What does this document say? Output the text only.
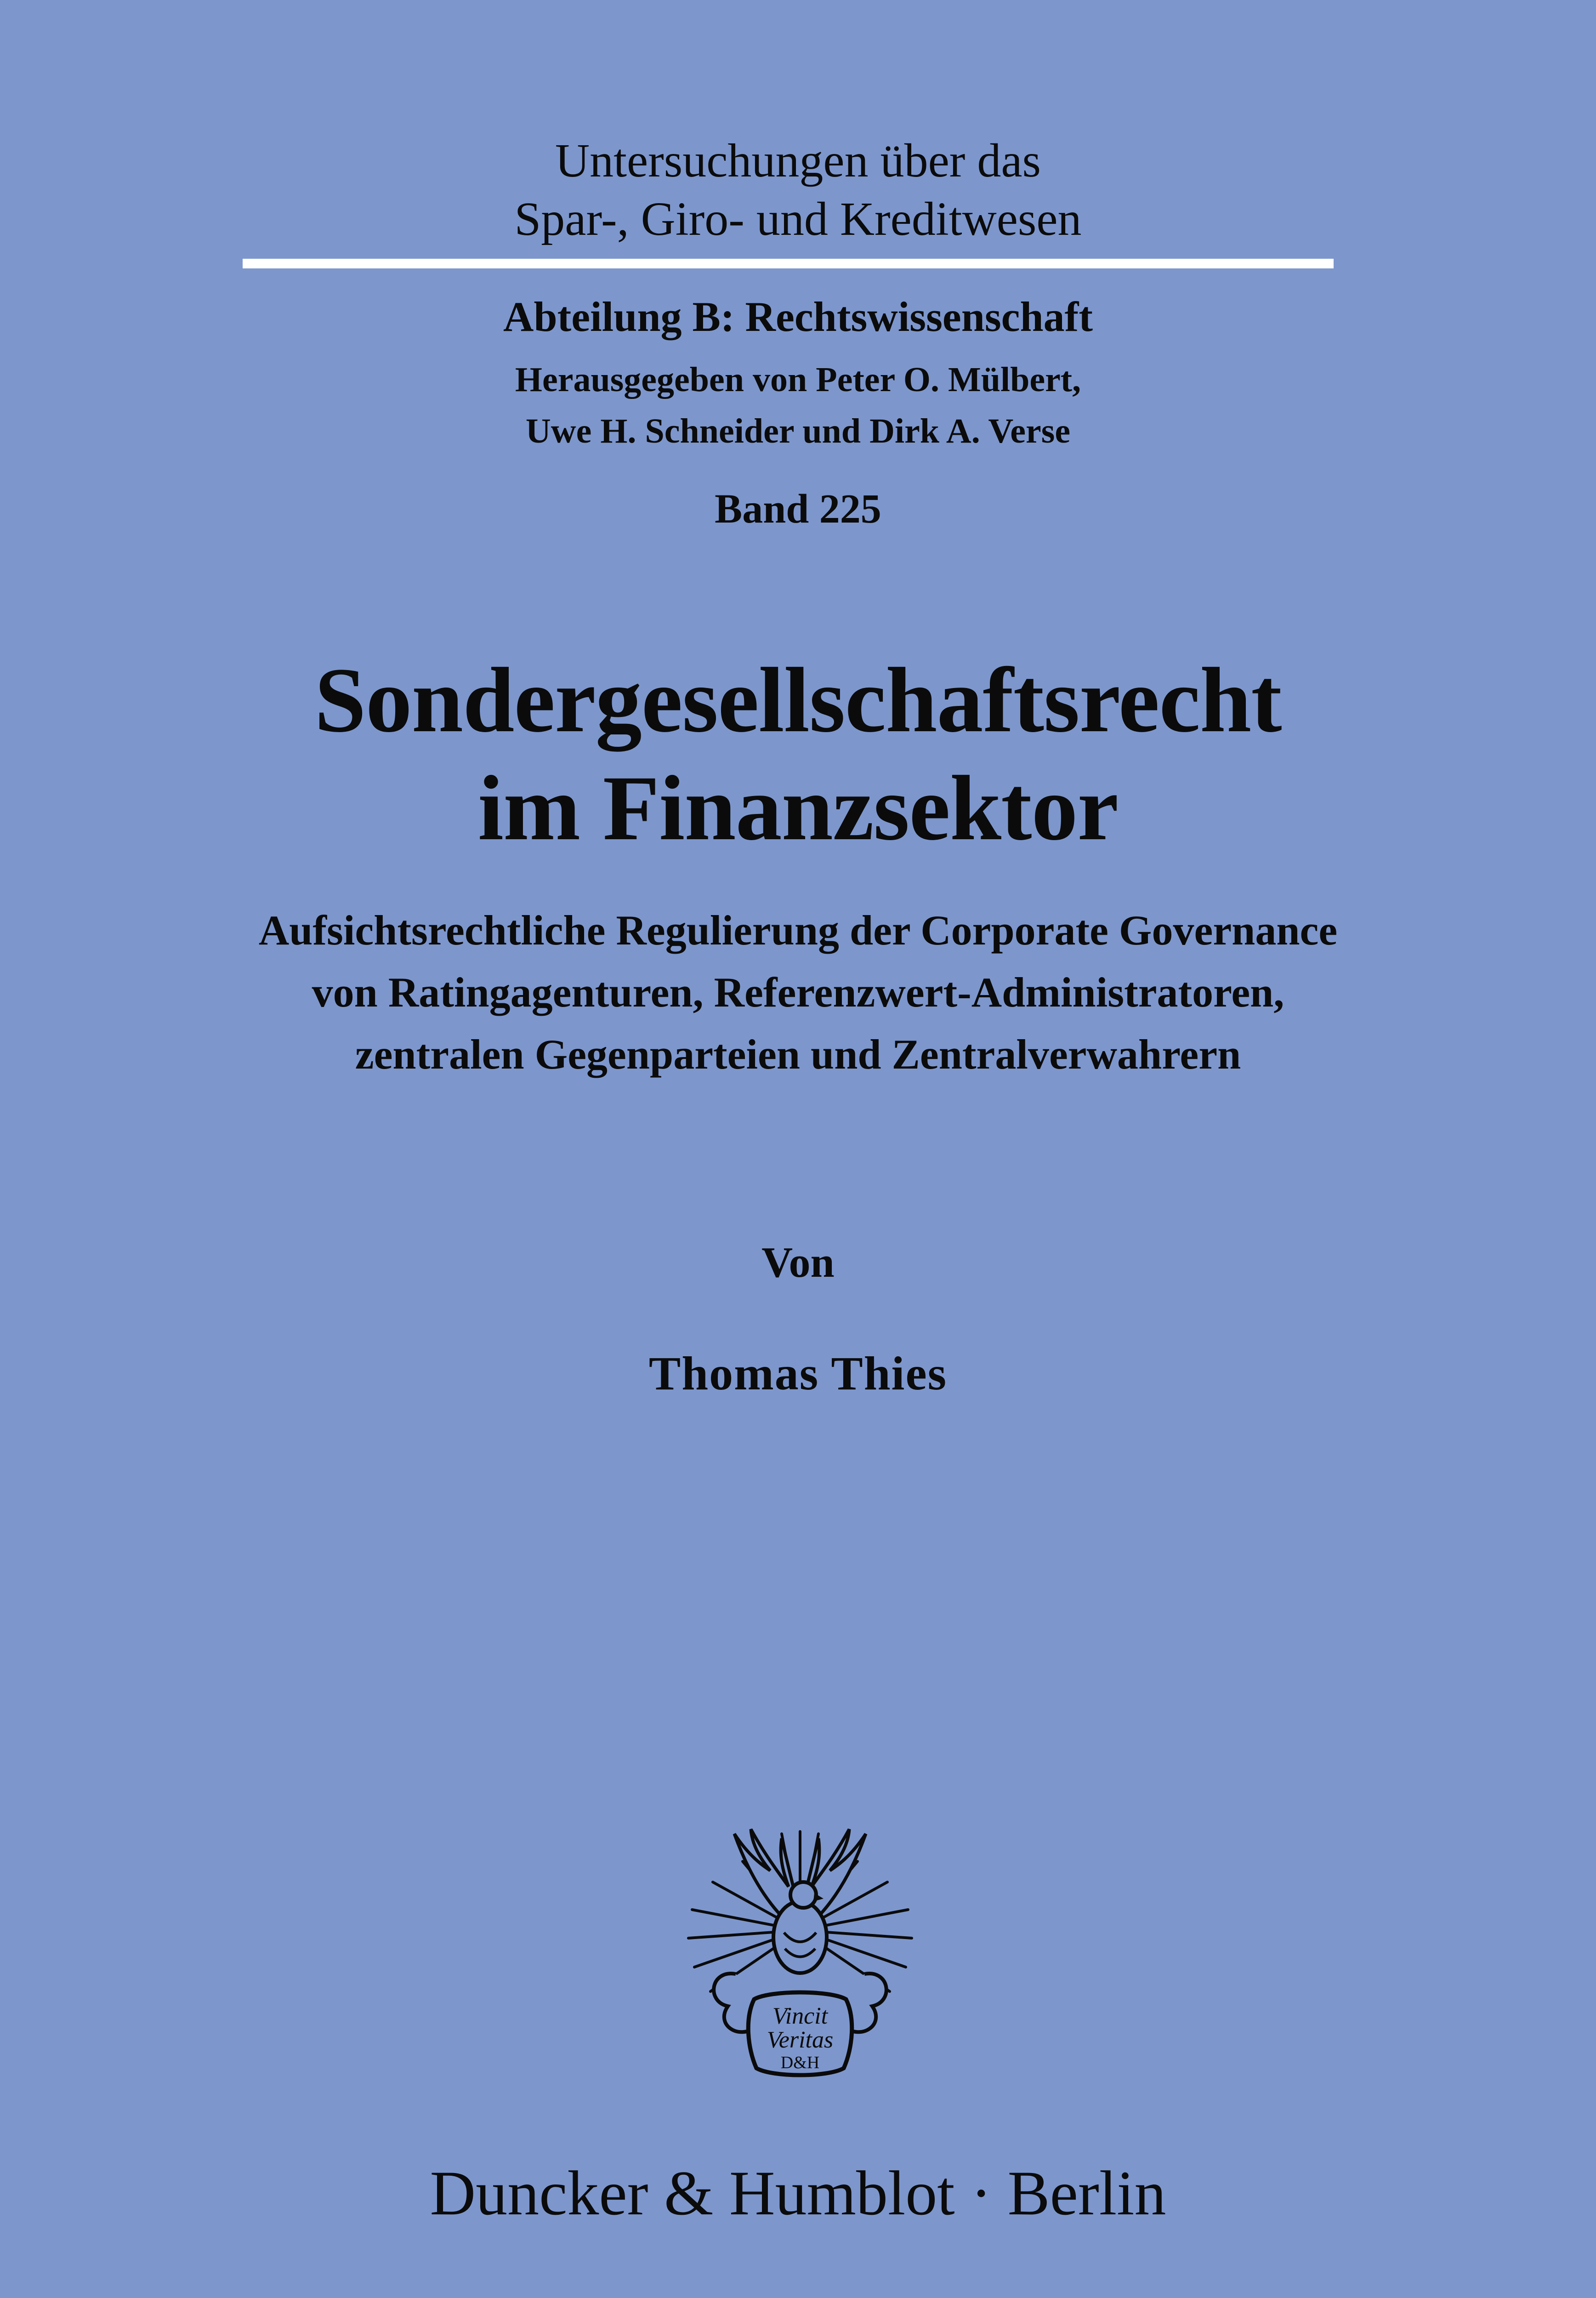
Untersuchungen über das
Spar-, Giro- und Kreditwesen
Abteilung B: Rechtswissenschaft
Herausgegeben von Peter O. Mülbert,
Uwe H. Schneider und Dirk A. Verse
Band 225
Sondergesellschaftsrecht
im Finanzsektor
Aufsichtsrechtliche Regulierung der Corporate Governance
von Ratingagenturen, Referenzwert-Administratoren,
zentralen Gegenparteien und Zentralverwahrern
Von
Thomas Thies
Vincit
Veritas
D&H
Duncker & Humblot · Berlin
